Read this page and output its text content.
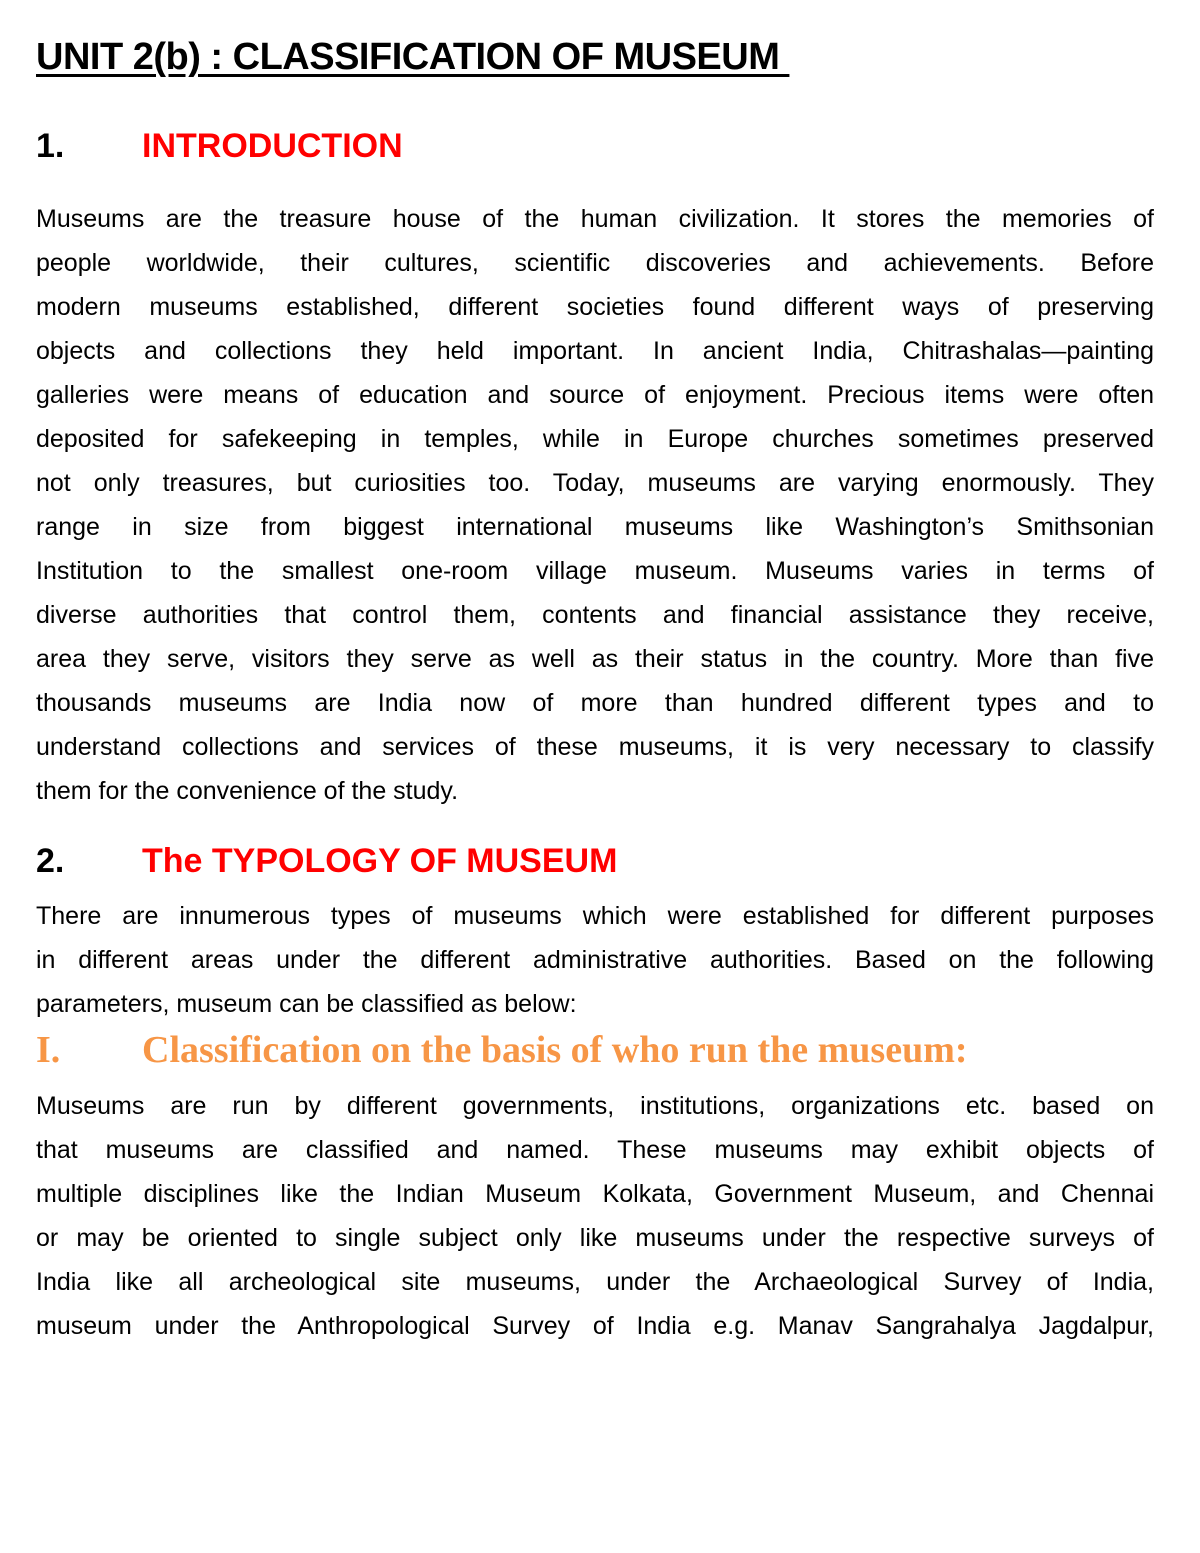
UNIT 2(b) : CLASSIFICATION OF MUSEUM
1. INTRODUCTION
Museums are the treasure house of the human civilization. It stores the memories of
people worldwide, their cultures, scientific discoveries and achievements. Before
modern museums established, different societies found different ways of preserving
objects and collections they held important. In ancient India, Chitrashalas—painting
galleries were means of education and source of enjoyment. Precious items were often
deposited for safekeeping in temples, while in Europe churches sometimes preserved
not only treasures, but curiosities too. Today, museums are varying enormously. They
range in size from biggest international museums like Washington’s Smithsonian
Institution to the smallest one-room village museum. Museums varies in terms of
diverse authorities that control them, contents and financial assistance they receive,
area they serve, visitors they serve as well as their status in the country. More than five
thousands museums are India now of more than hundred different types and to
understand collections and services of these museums, it is very necessary to classify
them for the convenience of the study.
2. The TYPOLOGY OF MUSEUM
There are innumerous types of museums which were established for different purposes
in different areas under the different administrative authorities. Based on the following
parameters, museum can be classified as below:
I. Classification on the basis of who run the museum:
Museums are run by different governments, institutions, organizations etc. based on
that museums are classified and named. These museums may exhibit objects of
multiple disciplines like the Indian Museum Kolkata, Government Museum, and Chennai
or may be oriented to single subject only like museums under the respective surveys of
India like all archeological site museums, under the Archaeological Survey of India,
museum under the Anthropological Survey of India e.g. Manav Sangrahalya Jagdalpur,
